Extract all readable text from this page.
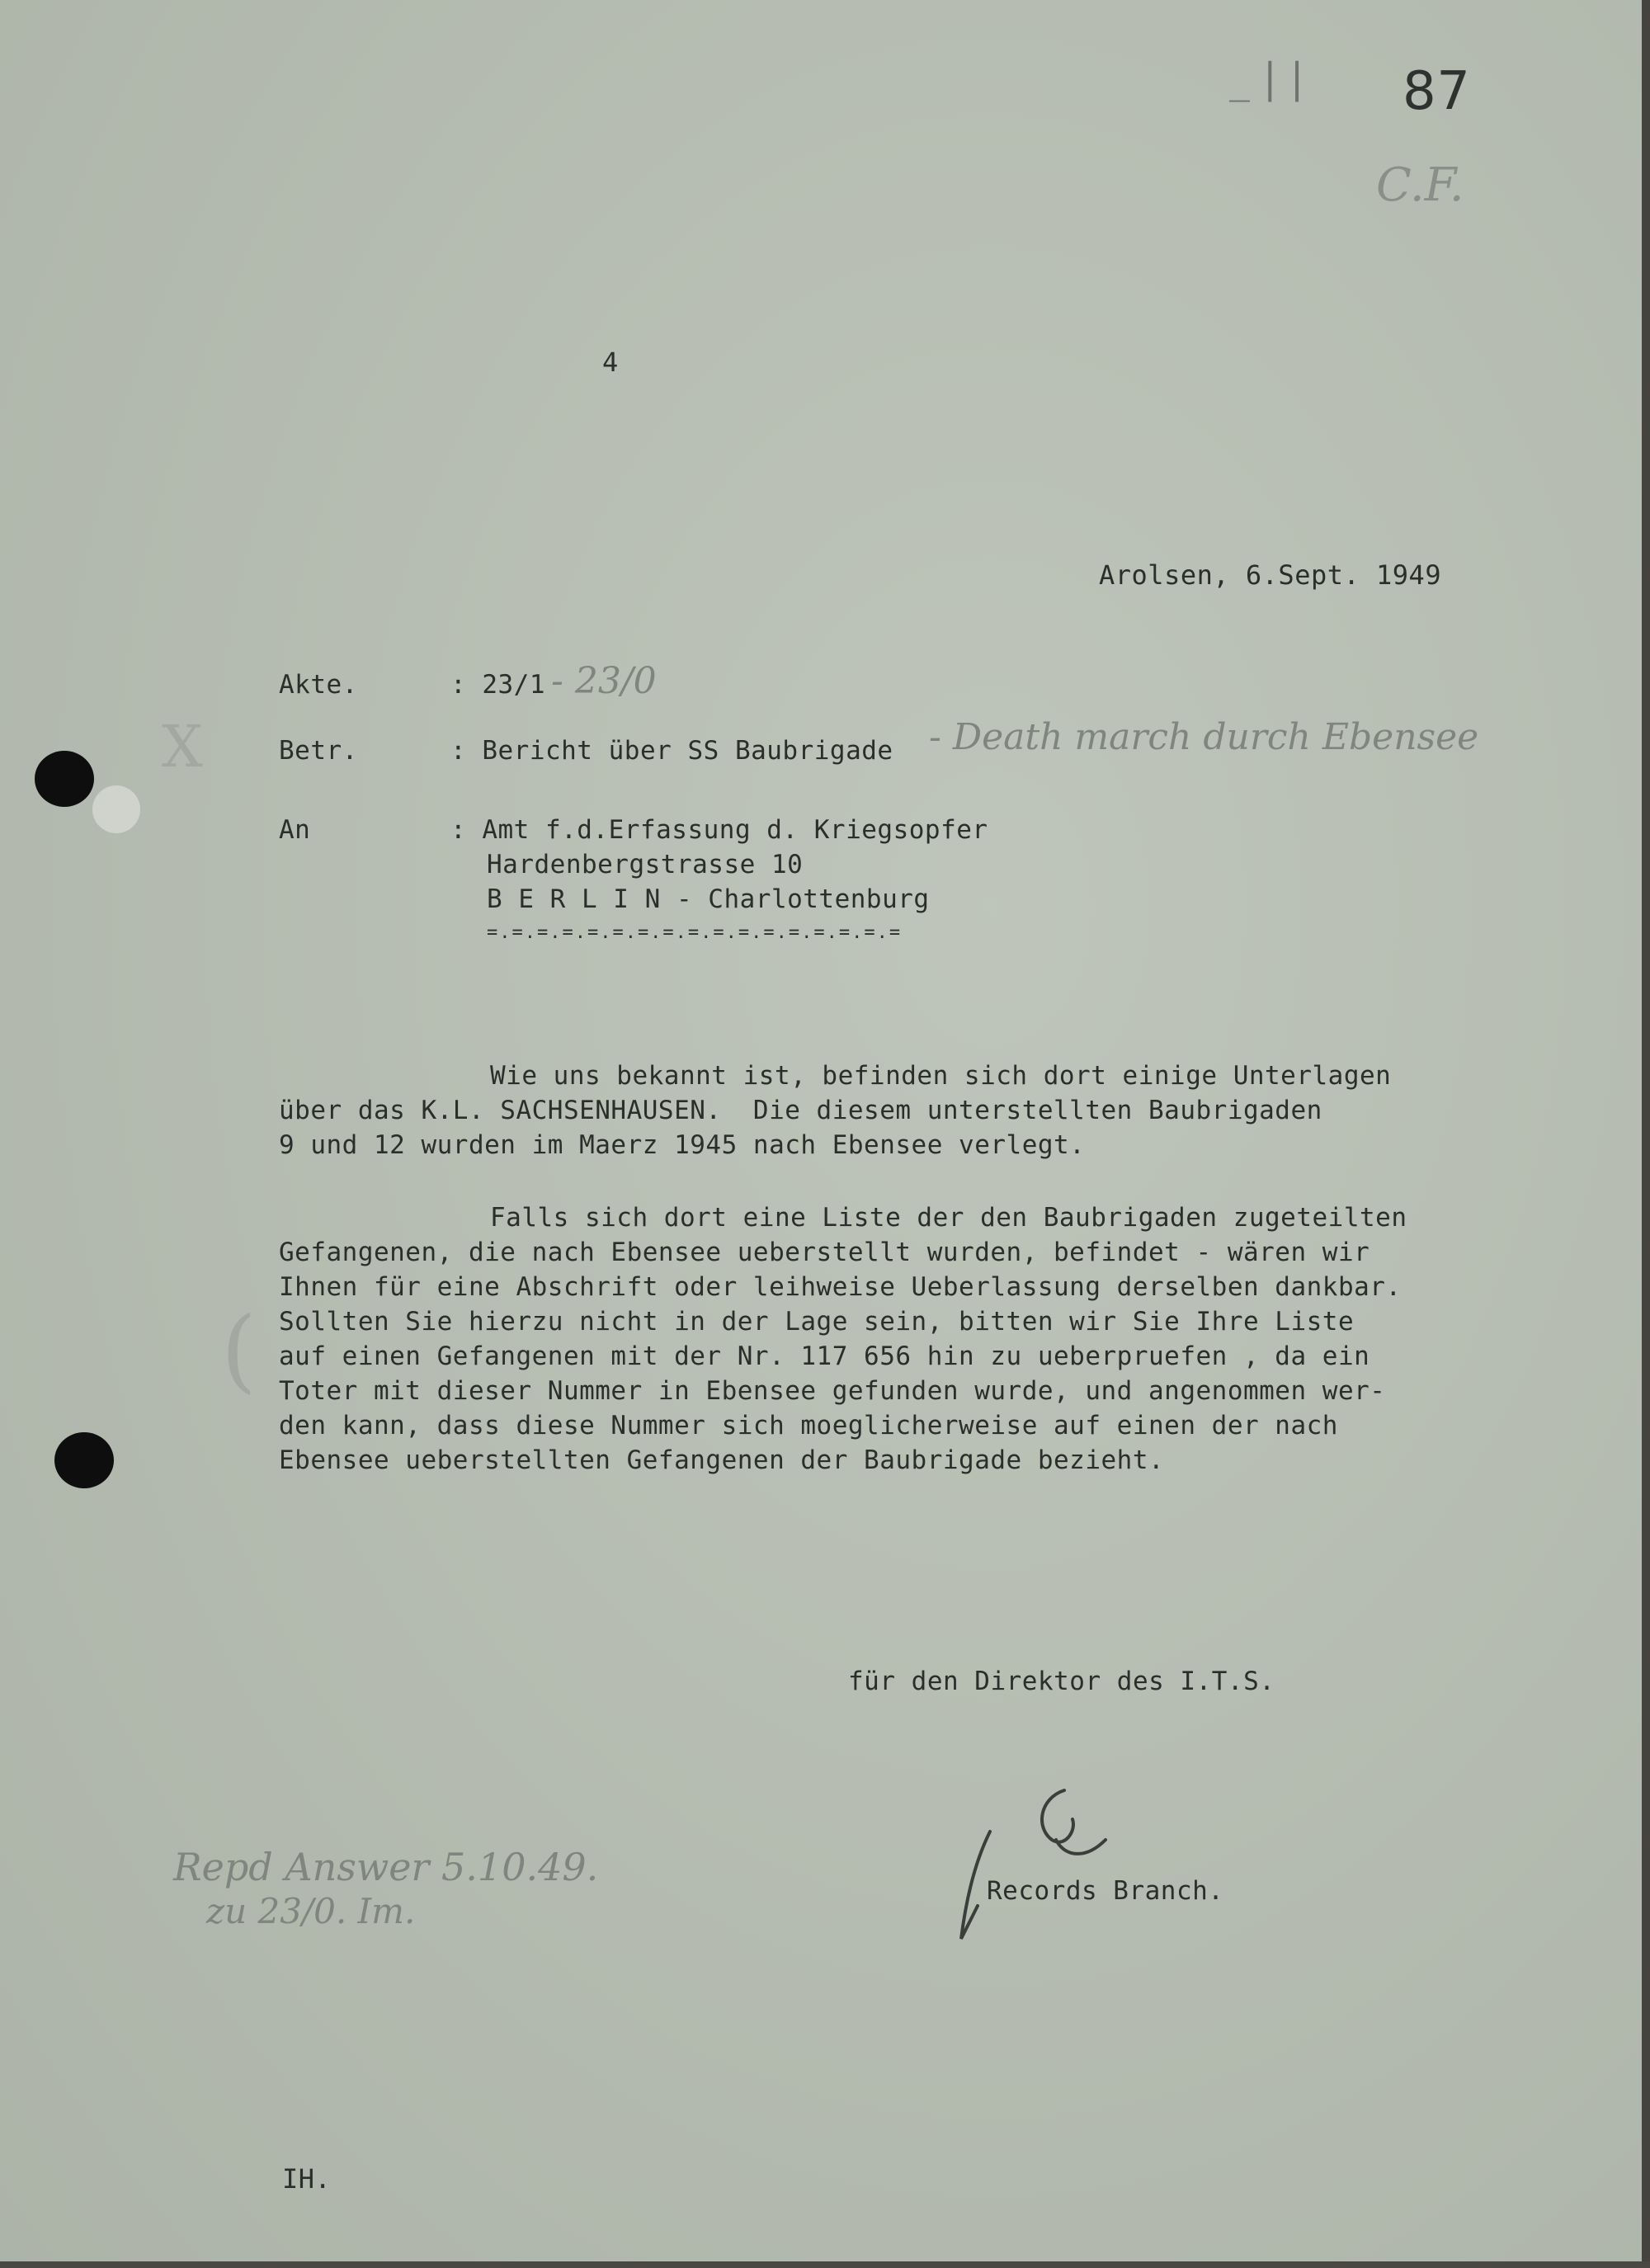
_ | | 87
C.F.
4
Arolsen, 6.Sept. 1949
Akte.	: 23/1 - 23/0
Betr.	: Bericht über SS Baubrigade - Death march durch Ebensee
An	: Amt f.d.Erfassung d. Kriegsopfer
Hardenbergstrasse 10
B E R L I N - Charlottenburg
=.=.=.=.=.=.=.=.=.=.=.=.=.=.=.=.=
Wie uns bekannt ist, befinden sich dort einige Unterlagen
über das K.L. SACHSENHAUSEN.  Die diesem unterstellten Baubrigaden
9 und 12 wurden im Maerz 1945 nach Ebensee verlegt.
Falls sich dort eine Liste der den Baubrigaden zugeteilten
Gefangenen, die nach Ebensee ueberstellt wurden, befindet - wären wir
Ihnen für eine Abschrift oder leihweise Ueberlassung derselben dankbar.
Sollten Sie hierzu nicht in der Lage sein, bitten wir Sie Ihre Liste
auf einen Gefangenen mit der Nr. 117 656 hin zu ueberpruefen , da ein
Toter mit dieser Nummer in Ebensee gefunden wurde, und angenommen wer-
den kann, dass diese Nummer sich moeglicherweise auf einen der nach
Ebensee ueberstellten Gefangenen der Baubrigade bezieht.
für den Direktor des I.T.S.
Records Branch.
Repd Answer 5.10.49.
zu 23/0. Im.
IH.
X
(
